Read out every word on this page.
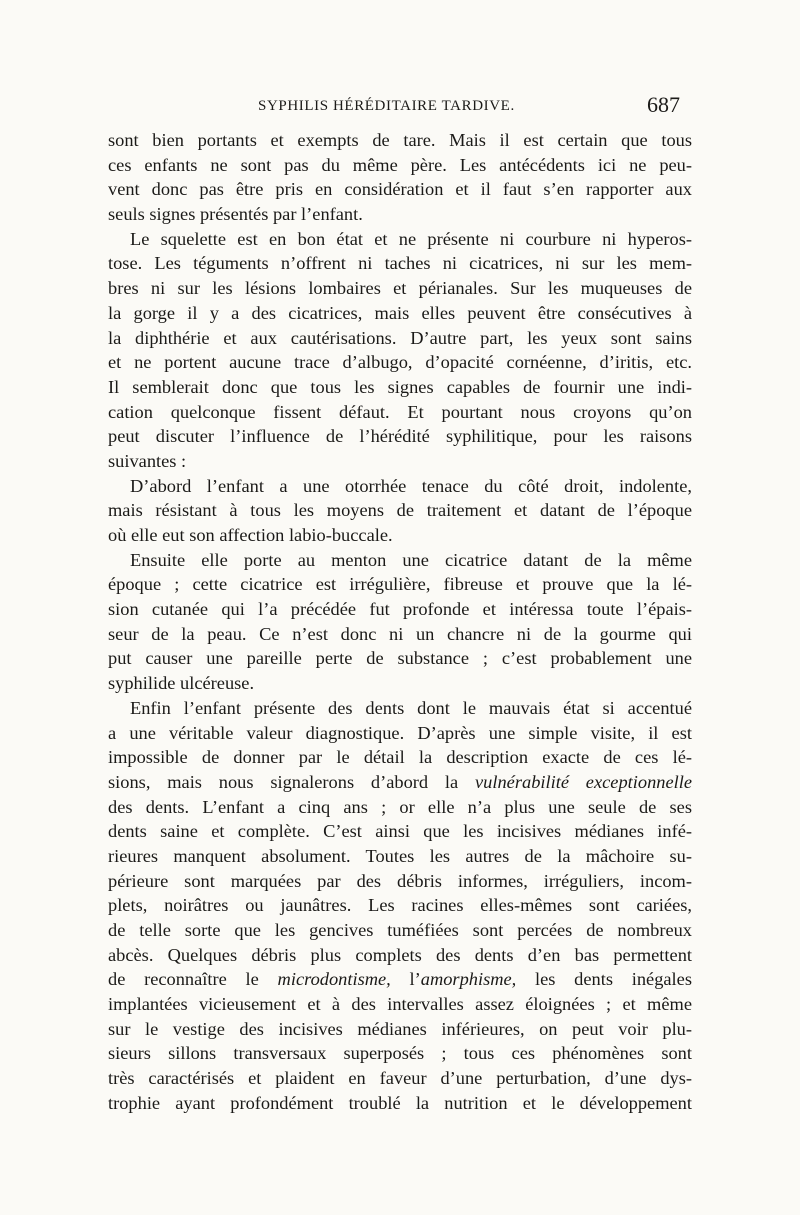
SYPHILIS HÉRÉDITAIRE TARDIVE.	687
sont bien portants et exempts de tare. Mais il est certain que tous
ces enfants ne sont pas du même père. Les antécédents ici ne peu-
vent donc pas être pris en considération et il faut s’en rapporter aux
seuls signes présentés par l’enfant.
Le squelette est en bon état et ne présente ni courbure ni hyperos-
tose. Les téguments n’offrent ni taches ni cicatrices, ni sur les mem-
bres ni sur les lésions lombaires et périanales. Sur les muqueuses de
la gorge il y a des cicatrices, mais elles peuvent être consécutives à
la diphthérie et aux cautérisations. D’autre part, les yeux sont sains
et ne portent aucune trace d’albugo, d’opacité cornéenne, d’iritis, etc.
Il semblerait donc que tous les signes capables de fournir une indi-
cation quelconque fissent défaut. Et pourtant nous croyons qu’on
peut discuter l’influence de l’hérédité syphilitique, pour les raisons
suivantes :
D’abord l’enfant a une otorrhée tenace du côté droit, indolente,
mais résistant à tous les moyens de traitement et datant de l’époque
où elle eut son affection labio-buccale.
Ensuite elle porte au menton une cicatrice datant de la même
époque ; cette cicatrice est irrégulière, fibreuse et prouve que la lé-
sion cutanée qui l’a précédée fut profonde et intéressa toute l’épais-
seur de la peau. Ce n’est donc ni un chancre ni de la gourme qui
put causer une pareille perte de substance ; c’est probablement une
syphilide ulcéreuse.
Enfin l’enfant présente des dents dont le mauvais état si accentué
a une véritable valeur diagnostique. D’après une simple visite, il est
impossible de donner par le détail la description exacte de ces lé-
sions, mais nous signalerons d’abord la vulnérabilité exceptionnelle
des dents. L’enfant a cinq ans ; or elle n’a plus une seule de ses
dents saine et complète. C’est ainsi que les incisives médianes infé-
rieures manquent absolument. Toutes les autres de la mâchoire su-
périeure sont marquées par des débris informes, irréguliers, incom-
plets, noirâtres ou jaunâtres. Les racines elles-mêmes sont cariées,
de telle sorte que les gencives tuméfiées sont percées de nombreux
abcès. Quelques débris plus complets des dents d’en bas permettent
de reconnaître le microdontisme, l’amorphisme, les dents inégales
implantées vicieusement et à des intervalles assez éloignées ; et même
sur le vestige des incisives médianes inférieures, on peut voir plu-
sieurs sillons transversaux superposés ; tous ces phénomènes sont
très caractérisés et plaident en faveur d’une perturbation, d’une dys-
trophie ayant profondément troublé la nutrition et le développement
